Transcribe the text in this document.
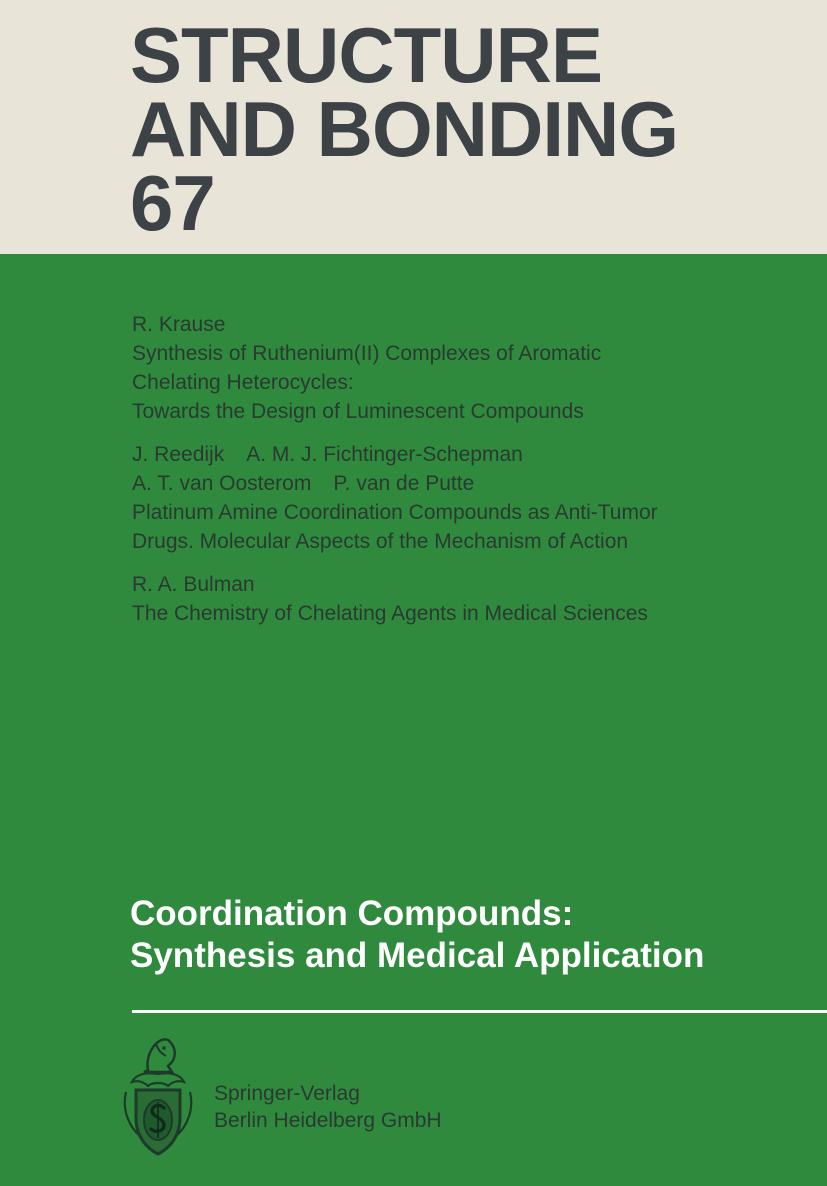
STRUCTURE
AND BONDING
67
R. Krause
Synthesis of Ruthenium(II) Complexes of Aromatic
Chelating Heterocycles:
Towards the Design of Luminescent Compounds
J. Reedijk A. M. J. Fichtinger-Schepman
A. T. van Oosterom P. van de Putte
Platinum Amine Coordination Compounds as Anti-Tumor
Drugs. Molecular Aspects of the Mechanism of Action
R. A. Bulman
The Chemistry of Chelating Agents in Medical Sciences
Coordination Compounds:
Synthesis and Medical Application
Springer-Verlag
Berlin Heidelberg GmbH
